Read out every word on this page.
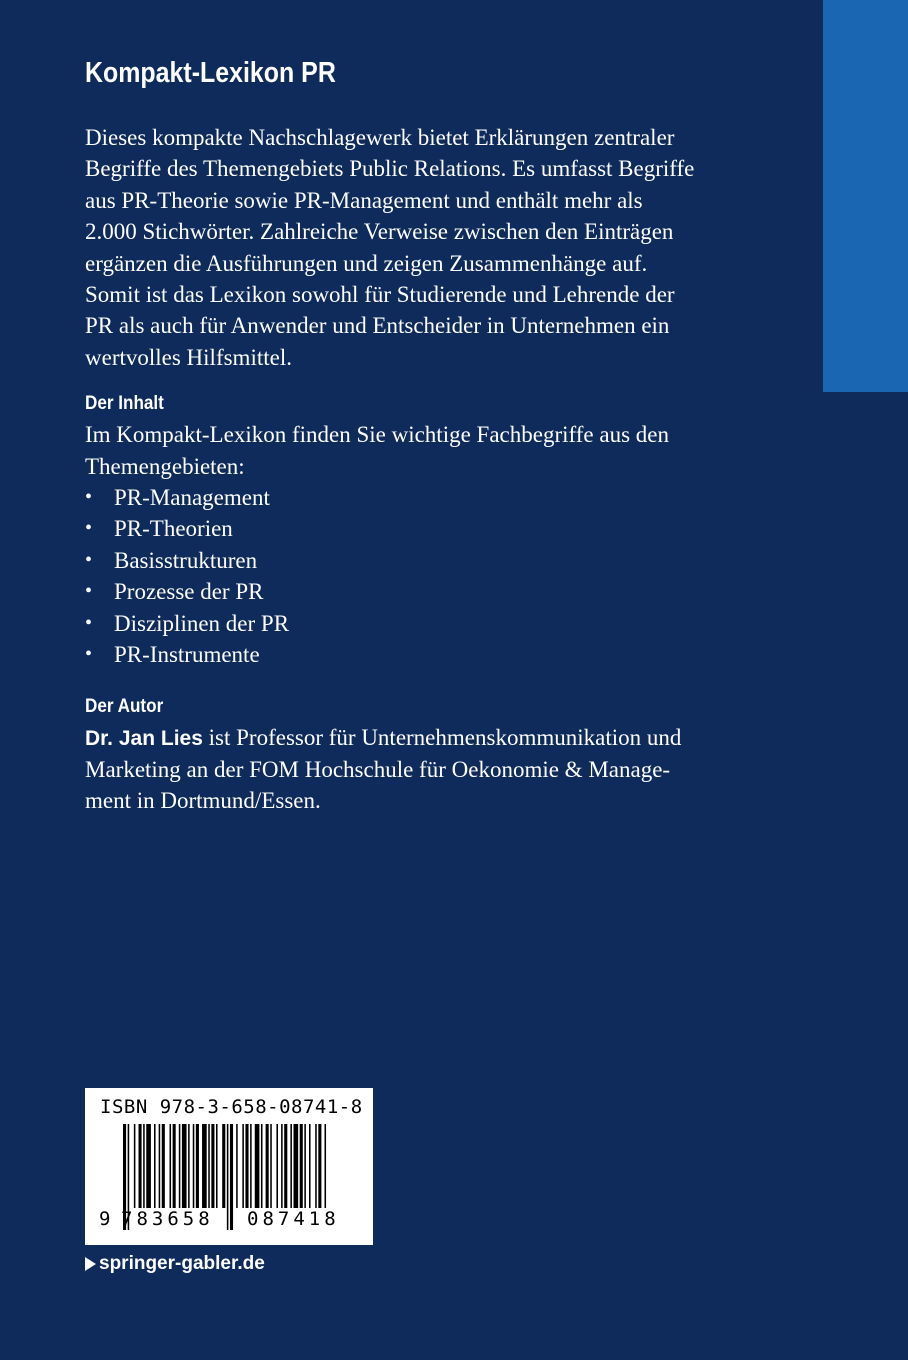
Kompakt-Lexikon PR

Dieses kompakte Nachschlagewerk bietet Erklärungen zentraler

Begriffe des Themengebiets Public Relations. Es umfasst Begriffe

aus PR-Theorie sowie PR-Management und enthält mehr als

2.000 Stichwörter. Zahlreiche Verweise zwischen den Einträgen

ergänzen die Ausführungen und zeigen Zusammenhänge auf.

Somit ist das Lexikon sowohl für Studierende und Lehrende der

PR als auch für Anwender und Entscheider in Unternehmen ein

wertvolles Hilfsmittel.

Der Inhalt

Im Kompakt-Lexikon finden Sie wichtige Fachbegriffe aus den

Themengebieten:

• PR-Management
• PR-Theorien
• Basisstrukturen
• Prozesse der PR
• Disziplinen der PR
• PR-Instrumente
Der Autor

Dr. Jan Lies ist Professor für Unternehmenskommunikation und

Marketing an der FOM Hochschule für Oekonomie & Manage-

ment in Dortmund/Essen.

ISBN 978-3-658-08741-8
9 783658 087418
springer-gabler.de
